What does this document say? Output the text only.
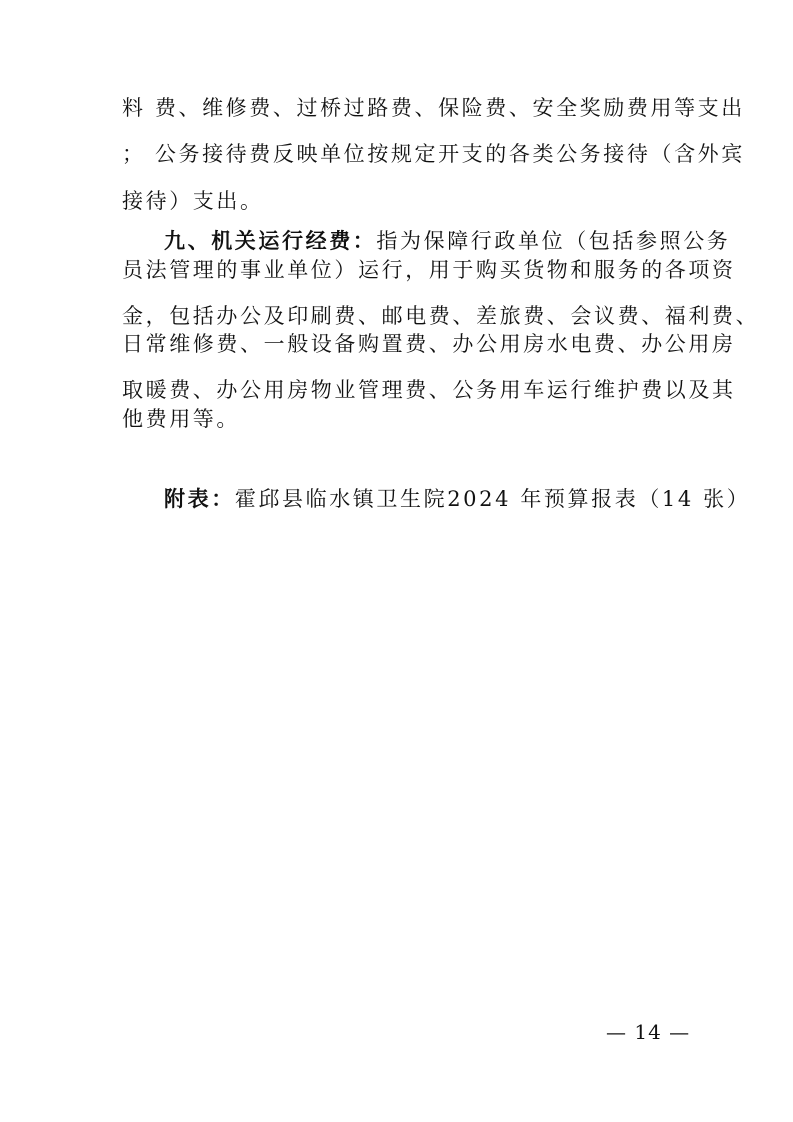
料 费、维修费、过桥过路费、保险费、安全奖励费用等支出
； 公务接待费反映单位按规定开支的各类公务接待（含外宾
接待）支出。
九、机关运行经费：指为保障行政单位（包括参照公务
员法管理的事业单位）运行，用于购买货物和服务的各项资
金，包括办公及印刷费、邮电费、差旅费、会议费、福利费、
日常维修费、一般设备购置费、办公用房水电费、办公用房
取暖费、办公用房物业管理费、公务用车运行维护费以及其
他费用等。
附表：霍邱县临水镇卫生院2024 年预算报表（14 张）
— 14 —
